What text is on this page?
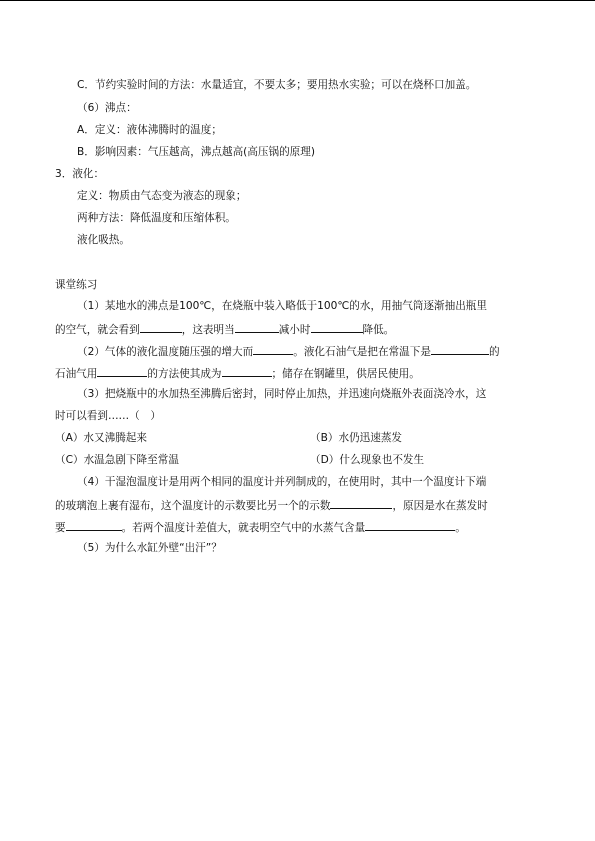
C．节约实验时间的方法：水量适宜，不要太多；要用热水实验；可以在烧杯口加盖。
（6）沸点：
A．定义：液体沸腾时的温度；
B．影响因素：气压越高，沸点越高(高压锅的原理)
3．液化：
定义：物质由气态变为液态的现象；
两种方法：降低温度和压缩体积。
液化吸热。
课堂练习
（1）某地水的沸点是100℃，在烧瓶中装入略低于100℃的水，用抽气筒逐渐抽出瓶里
的空气，就会看到	，这表明当	减小时	降低。
（2）气体的液化温度随压强的增大而	。液化石油气是把在常温下是	的
石油气用	的方法使其成为	；储存在钢罐里，供居民使用。
（3）把烧瓶中的水加热至沸腾后密封，同时停止加热，并迅速向烧瓶外表面浇冷水，这
时可以看到……（　）
（A）水又沸腾起来	（B）水仍迅速蒸发
（C）水温急剧下降至常温	（D）什么现象也不发生
（4）干湿泡温度计是用两个相同的温度计并列制成的，在使用时，其中一个温度计下端
的玻璃泡上裹有湿布，这个温度计的示数要比另一个的示数	，原因是水在蒸发时
要	。若两个温度计差值大，就表明空气中的水蒸气含量	。
（5）为什么水缸外壁“出汗”？
